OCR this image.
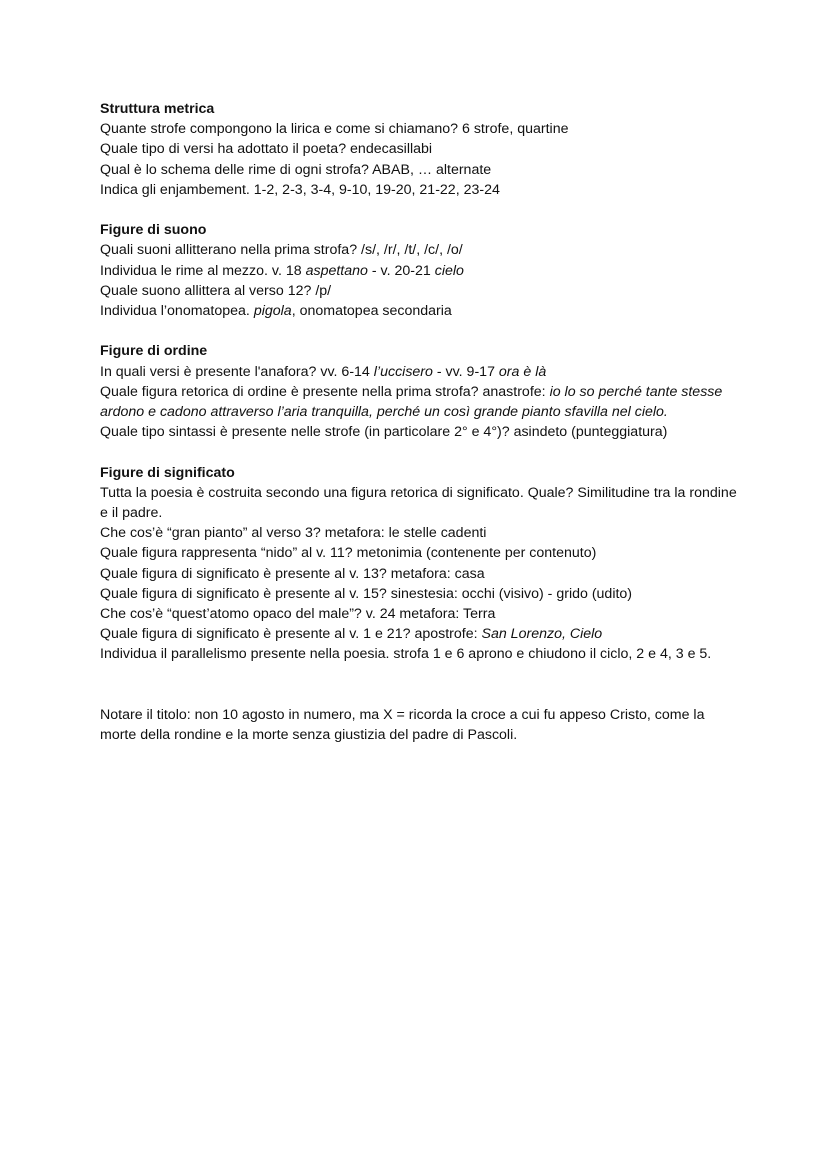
Struttura metrica
Quante strofe compongono la lirica e come si chiamano? 6 strofe, quartine
Quale tipo di versi ha adottato il poeta? endecasillabi
Qual è lo schema delle rime di ogni strofa? ABAB, … alternate
Indica gli enjambement. 1-2, 2-3, 3-4, 9-10, 19-20, 21-22, 23-24
Figure di suono
Quali suoni allitterano nella prima strofa? /s/, /r/, /t/, /c/, /o/
Individua le rime al mezzo. v. 18 aspettano - v. 20-21 cielo
Quale suono allittera al verso 12? /p/
Individua l’onomatopea. pigola, onomatopea secondaria
Figure di ordine
In quali versi è presente l'anafora? vv. 6-14 l’uccisero - vv. 9-17 ora è là
Quale figura retorica di ordine è presente nella prima strofa? anastrofe: io lo so perché tante stesse ardono e cadono attraverso l’aria tranquilla, perché un così grande pianto sfavilla nel cielo.
Quale tipo sintassi è presente nelle strofe (in particolare 2° e 4°)? asindeto (punteggiatura)
Figure di significato
Tutta la poesia è costruita secondo una figura retorica di significato. Quale? Similitudine tra la rondine e il padre.
Che cos’è “gran pianto” al verso 3? metafora: le stelle cadenti
Quale figura rappresenta “nido” al v. 11? metonimia (contenente per contenuto)
Quale figura di significato è presente al v. 13? metafora: casa
Quale figura di significato è presente al v. 15? sinestesia: occhi (visivo) - grido (udito)
Che cos’è “quest’atomo opaco del male”? v. 24 metafora: Terra
Quale figura di significato è presente al v. 1 e 21? apostrofe: San Lorenzo, Cielo
Individua il parallelismo presente nella poesia. strofa 1 e 6 aprono e chiudono il ciclo, 2 e 4, 3 e 5.
Notare il titolo: non 10 agosto in numero, ma X = ricorda la croce a cui fu appeso Cristo, come la morte della rondine e la morte senza giustizia del padre di Pascoli.
